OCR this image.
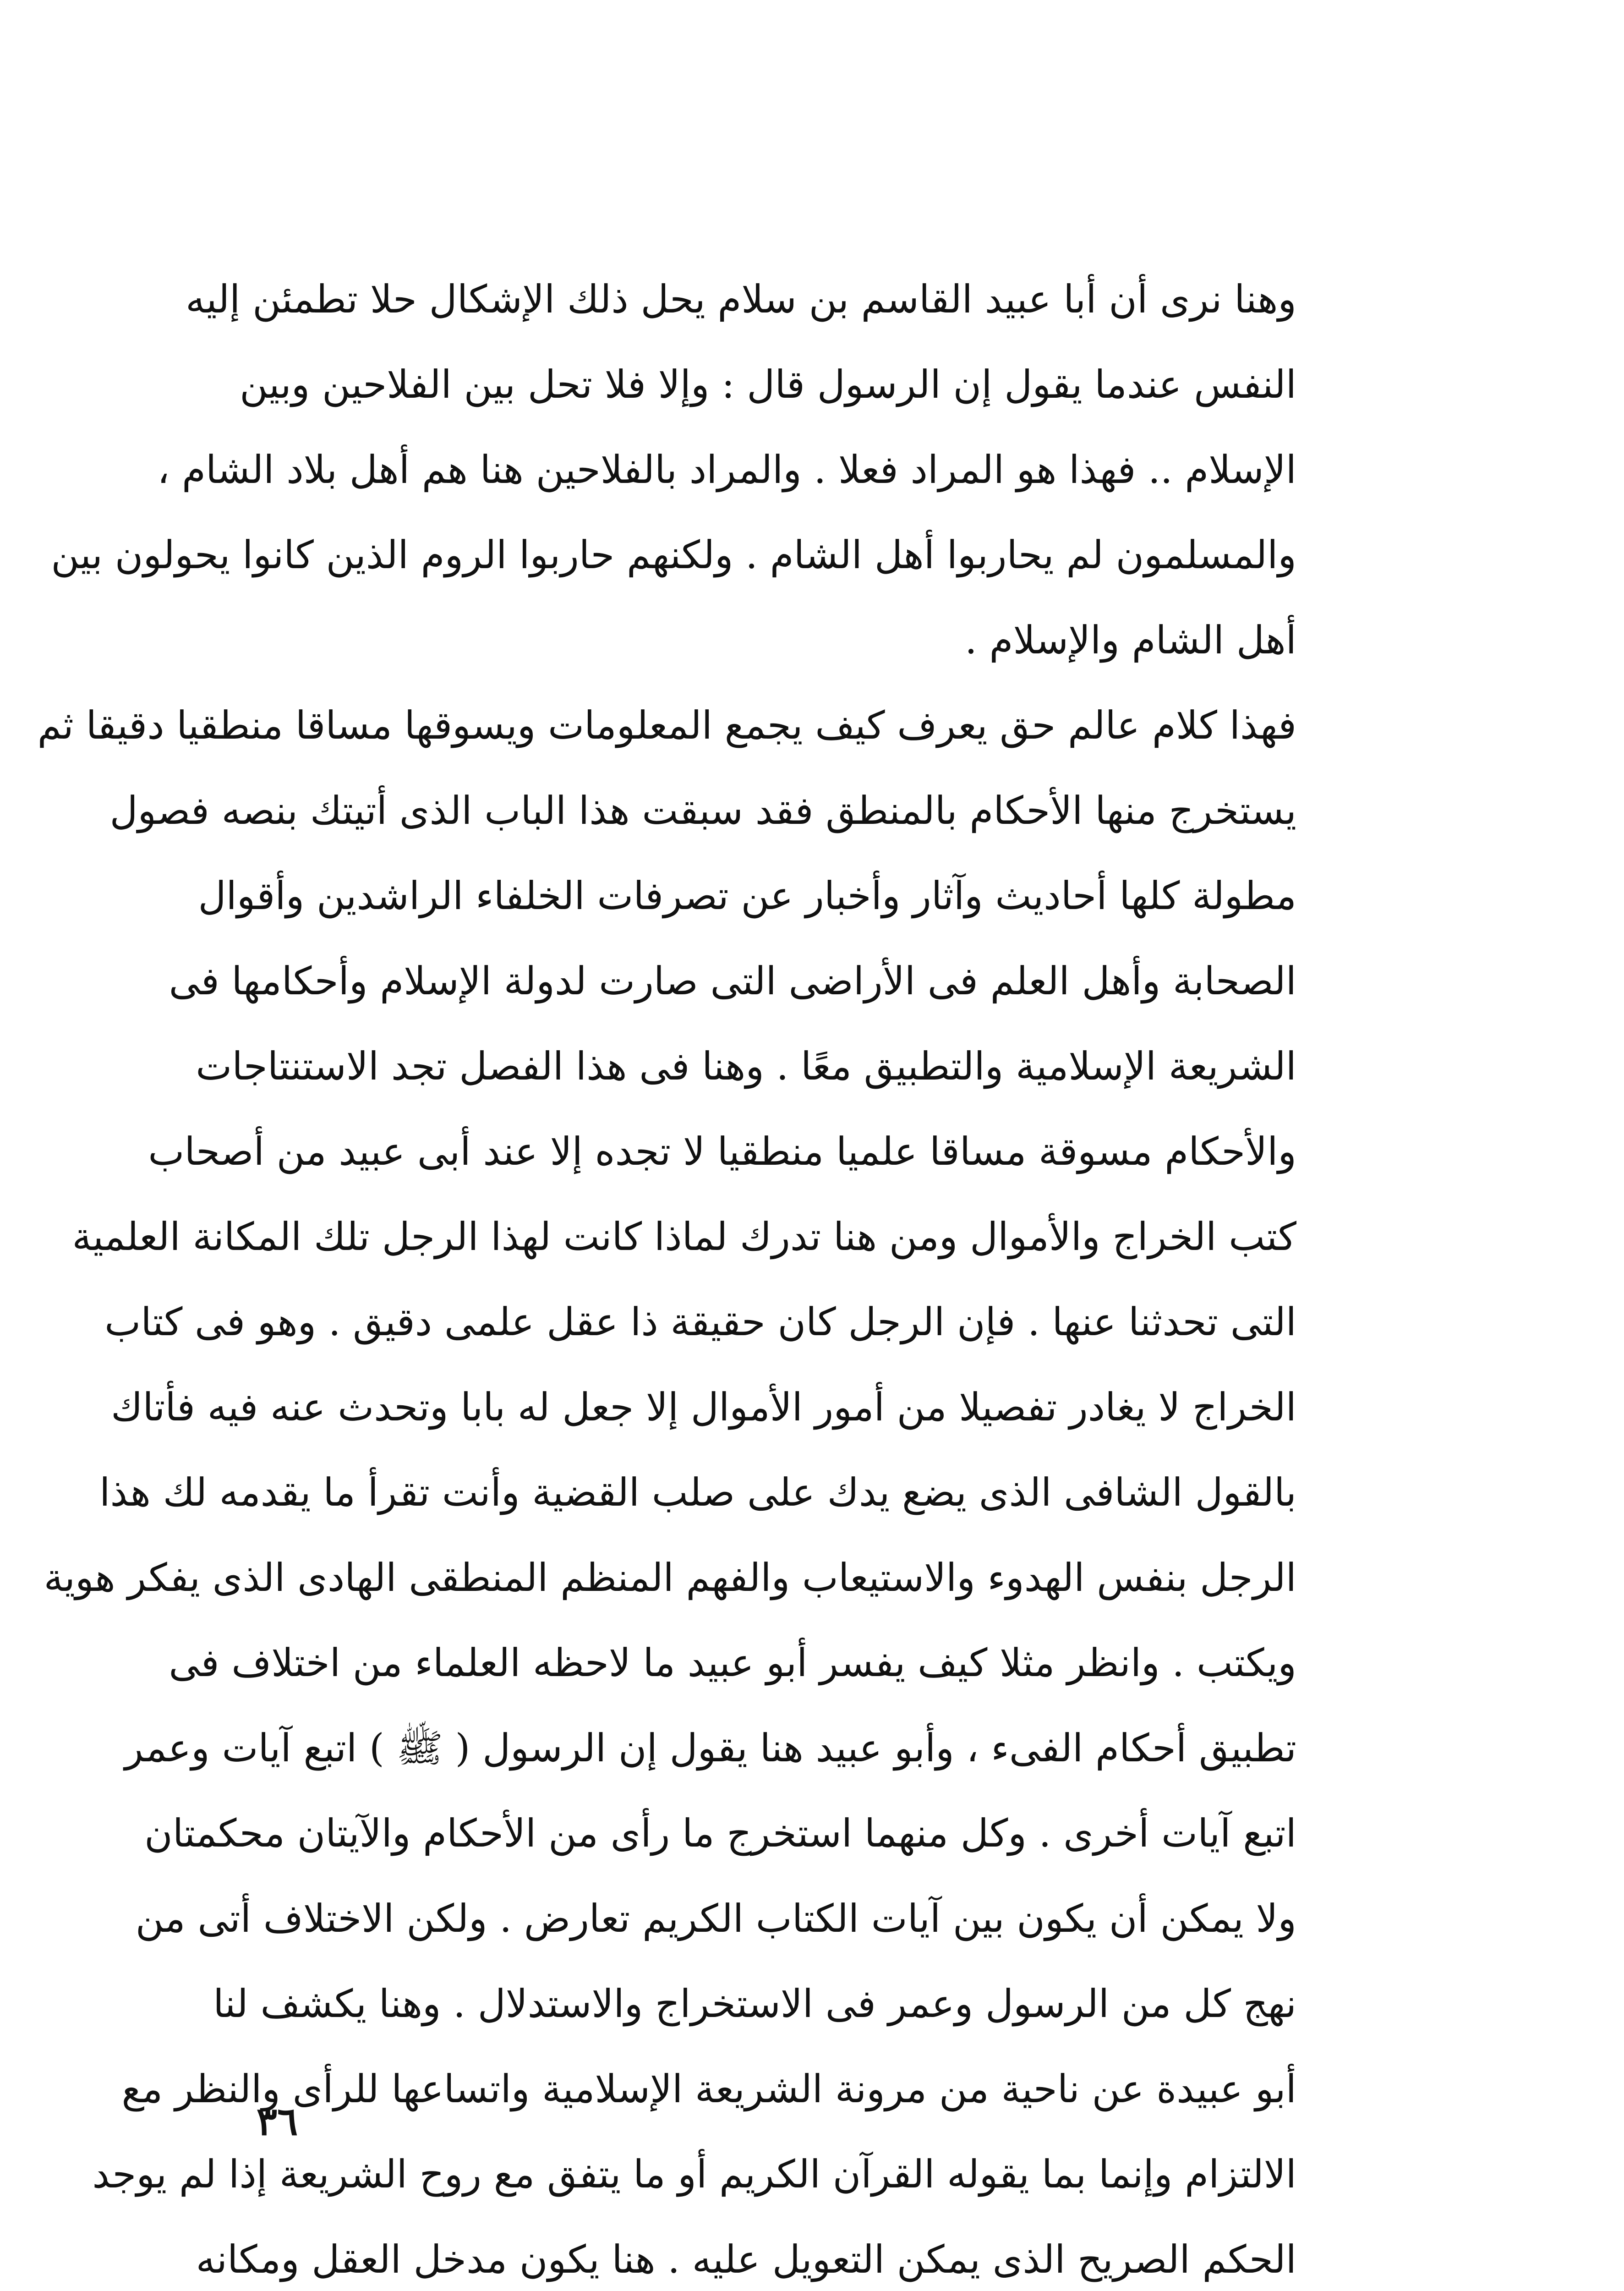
وهنا نرى أن أبا عبيد القاسم بن سلام يحل ذلك الإشكال حلا تطمئن إليه
النفس عندما يقول إن الرسول قال : وإلا فلا تحل بين الفلاحين وبين
الإسلام .. فهذا هو المراد فعلا . والمراد بالفلاحين هنا هم أهل بلاد الشام ،
والمسلمون لم يحاربوا أهل الشام . ولكنهم حاربوا الروم الذين كانوا يحولون بين
أهل الشام والإسلام .
فهذا كلام عالم حق يعرف كيف يجمع المعلومات ويسوقها مساقا منطقيا دقيقا ثم
يستخرج منها الأحكام بالمنطق فقد سبقت هذا الباب الذى أتيتك بنصه فصول
مطولة كلها أحاديث وآثار وأخبار عن تصرفات الخلفاء الراشدين وأقوال
الصحابة وأهل العلم فى الأراضى التى صارت لدولة الإسلام وأحكامها فى
الشريعة الإسلامية والتطبيق معًا . وهنا فى هذا الفصل تجد الاستنتاجات
والأحكام مسوقة مساقا علميا منطقيا لا تجده إلا عند أبى عبيد من أصحاب
كتب الخراج والأموال ومن هنا تدرك لماذا كانت لهذا الرجل تلك المكانة العلمية
التى تحدثنا عنها . فإن الرجل كان حقيقة ذا عقل علمى دقيق . وهو فى كتاب
الخراج لا يغادر تفصيلا من أمور الأموال إلا جعل له بابا وتحدث عنه فيه فأتاك
بالقول الشافى الذى يضع يدك على صلب القضية وأنت تقرأ ما يقدمه لك هذا
الرجل بنفس الهدوء والاستيعاب والفهم المنظم المنطقى الهادى الذى يفكر هوية
ويكتب . وانظر مثلا كيف يفسر أبو عبيد ما لاحظه العلماء من اختلاف فى
تطبيق أحكام الفىء ، وأبو عبيد هنا يقول إن الرسول ( ﷺ ) اتبع آيات وعمر
اتبع آيات أخرى . وكل منهما استخرج ما رأى من الأحكام والآيتان محكمتان
ولا يمكن أن يكون بين آيات الكتاب الكريم تعارض . ولكن الاختلاف أتى من
نهج كل من الرسول وعمر فى الاستخراج والاستدلال . وهنا يكشف لنا
أبو عبيدة عن ناحية من مرونة الشريعة الإسلامية واتساعها للرأى والنظر مع
الالتزام وإنما بما يقوله القرآن الكريم أو ما يتفق مع روح الشريعة إذا لم يوجد
الحكم الصريح الذى يمكن التعويل عليه . هنا يكون مدخل العقل ومكانه
٣٦
